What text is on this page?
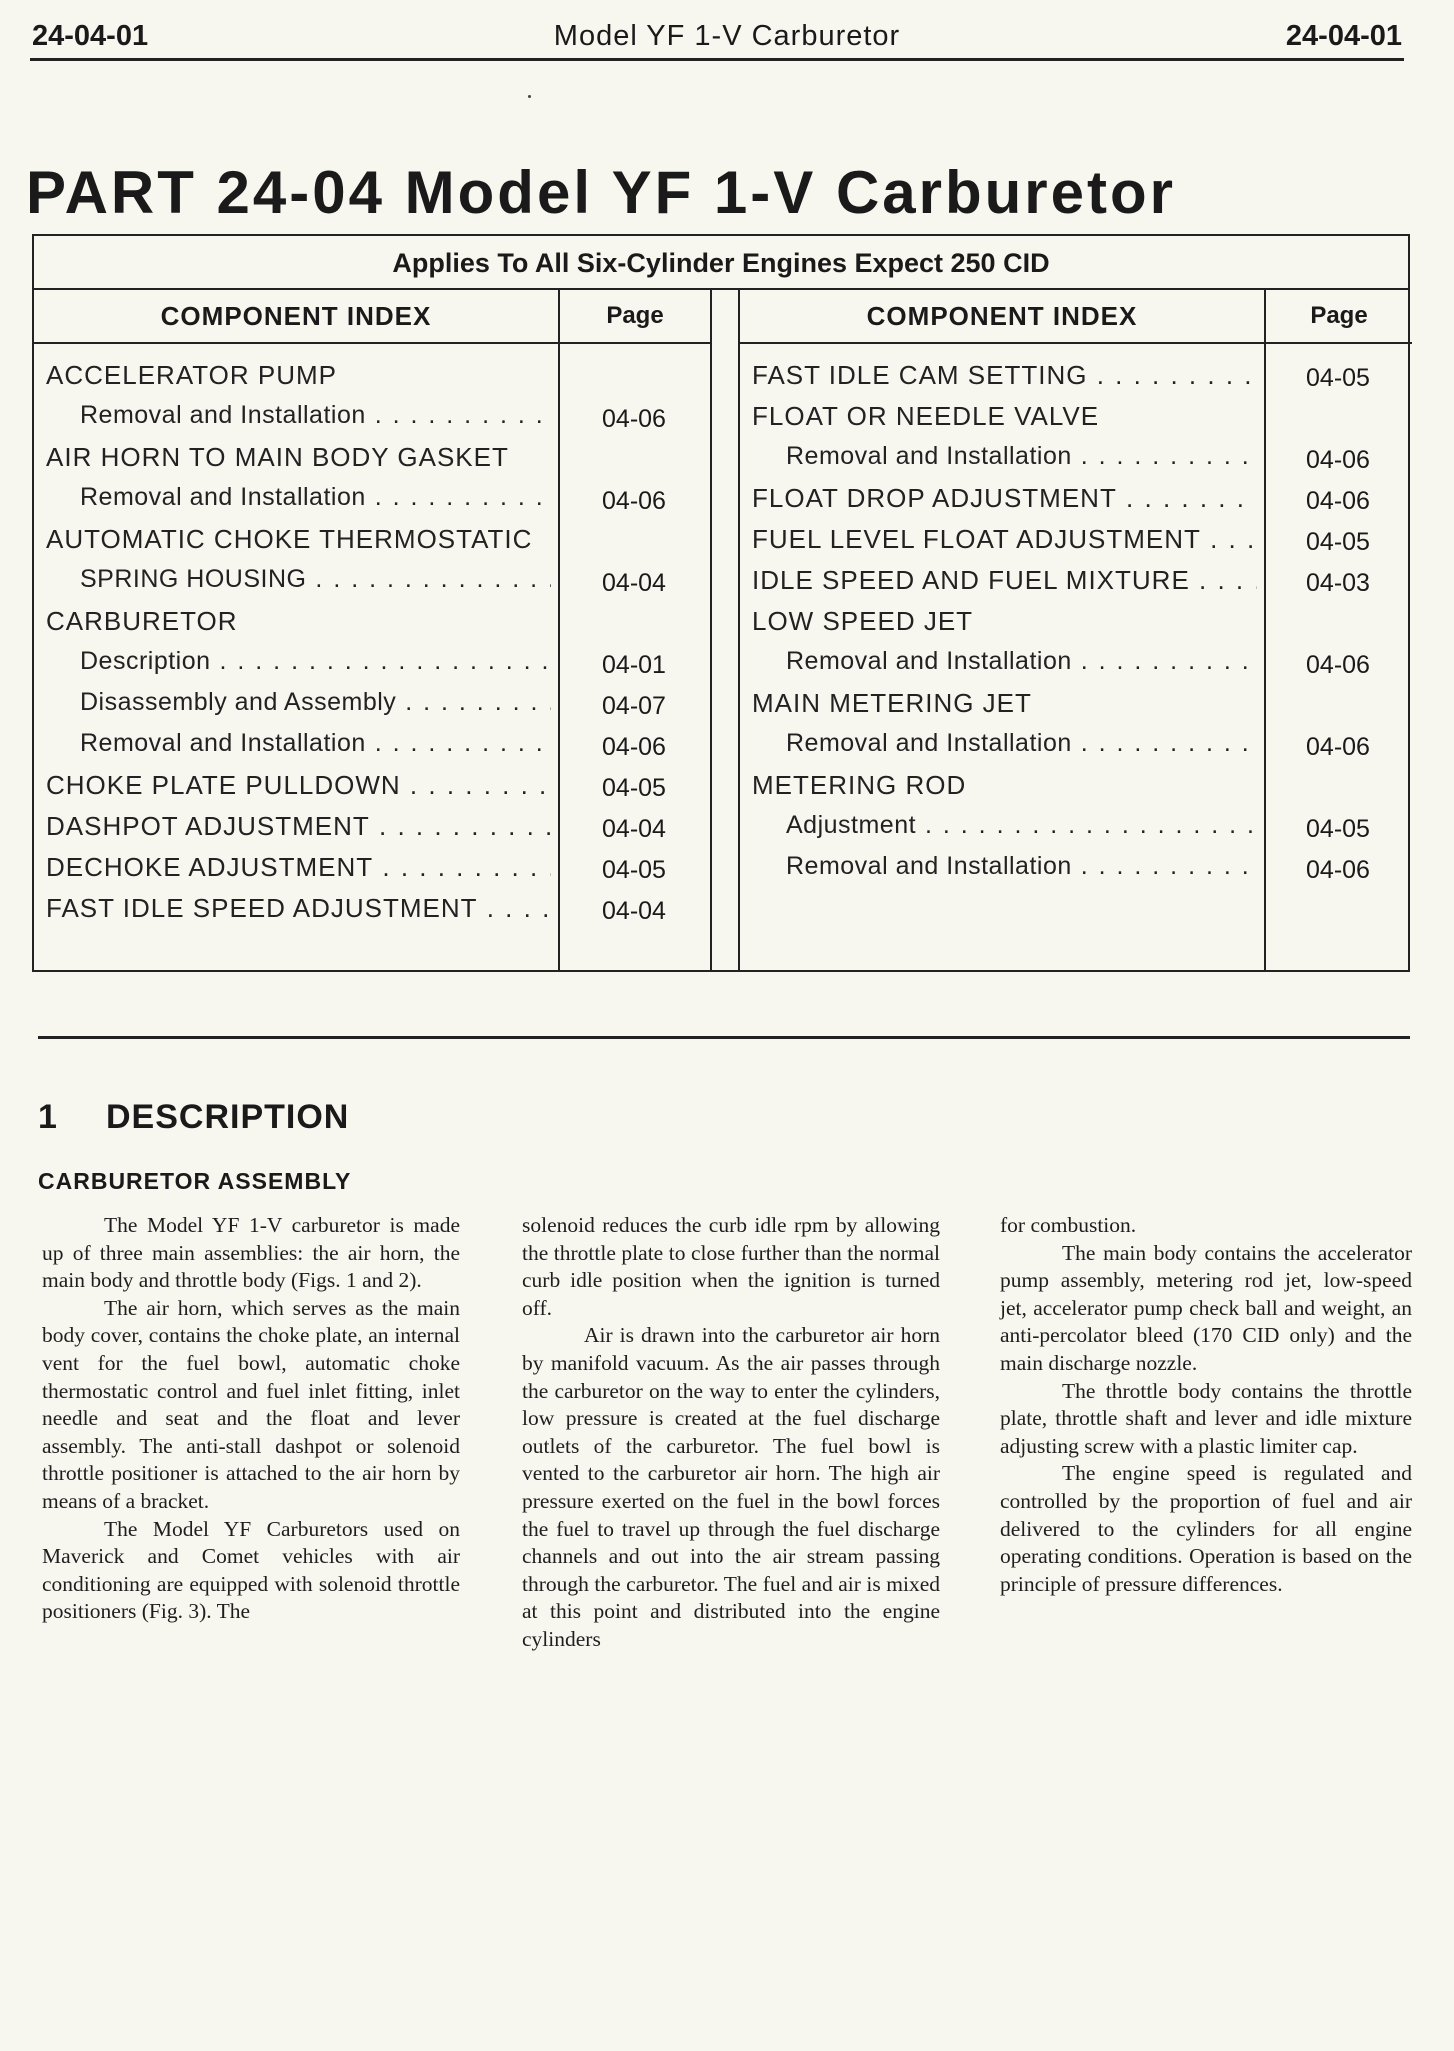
24-04-01	Model YF 1-V Carburetor	24-04-01
PART 24-04 Model YF 1-V Carburetor
Applies To All Six-Cylinder Engines Expect 250 CID
COMPONENT INDEX	Page
ACCELERATOR PUMP
Removal and Installation . . .	04-06
AIR HORN TO MAIN BODY GASKET
Removal and Installation . . .	04-06
AUTOMATIC CHOKE THERMOSTATIC
SPRING HOUSING . . .	04-04
CARBURETOR
Description . . .	04-01
Disassembly and Assembly . . .	04-07
Removal and Installation . . .	04-06
CHOKE PLATE PULLDOWN . . .	04-05
DASHPOT ADJUSTMENT . . .	04-04
DECHOKE ADJUSTMENT . . .	04-05
FAST IDLE SPEED ADJUSTMENT . . .	04-04
COMPONENT INDEX	Page
FAST IDLE CAM SETTING . . .	04-05
FLOAT OR NEEDLE VALVE
Removal and Installation . . .	04-06
FLOAT DROP ADJUSTMENT . . .	04-06
FUEL LEVEL FLOAT ADJUSTMENT . . .	04-05
IDLE SPEED AND FUEL MIXTURE . . .	04-03
LOW SPEED JET
Removal and Installation . . .	04-06
MAIN METERING JET
Removal and Installation . . .	04-06
METERING ROD
Adjustment . . .	04-05
Removal and Installation . . .	04-06
1 DESCRIPTION
CARBURETOR ASSEMBLY

The Model YF 1-V carburetor is made up of three main assemblies: the air horn, the main body and throttle body (Figs. 1 and 2).

The air horn, which serves as the main body cover, contains the choke plate, an internal vent for the fuel bowl, automatic choke thermostatic control and fuel inlet fitting, inlet needle and seat and the float and lever assembly. The anti-stall dashpot or solenoid throttle positioner is attached to the air horn by means of a bracket.

The Model YF Carburetors used on Maverick and Comet vehicles with air conditioning are equipped with solenoid throttle positioners (Fig. 3). The

solenoid reduces the curb idle rpm by allowing the throttle plate to close further than the normal curb idle position when the ignition is turned off.

Air is drawn into the carburetor air horn by manifold vacuum. As the air passes through the carburetor on the way to enter the cylinders, low pressure is created at the fuel discharge outlets of the carburetor. The fuel bowl is vented to the carburetor air horn. The high air pressure exerted on the fuel in the bowl forces the fuel to travel up through the fuel discharge channels and out into the air stream passing through the carburetor. The fuel and air is mixed at this point and distributed into the engine cylinders

for combustion.

The main body contains the accelerator pump assembly, metering rod jet, low-speed jet, accelerator pump check ball and weight, an anti-percolator bleed (170 CID only) and the main discharge nozzle.

The throttle body contains the throttle plate, throttle shaft and lever and idle mixture adjusting screw with a plastic limiter cap.

The engine speed is regulated and controlled by the proportion of fuel and air delivered to the cylinders for all engine operating conditions. Operation is based on the principle of pressure differences.
